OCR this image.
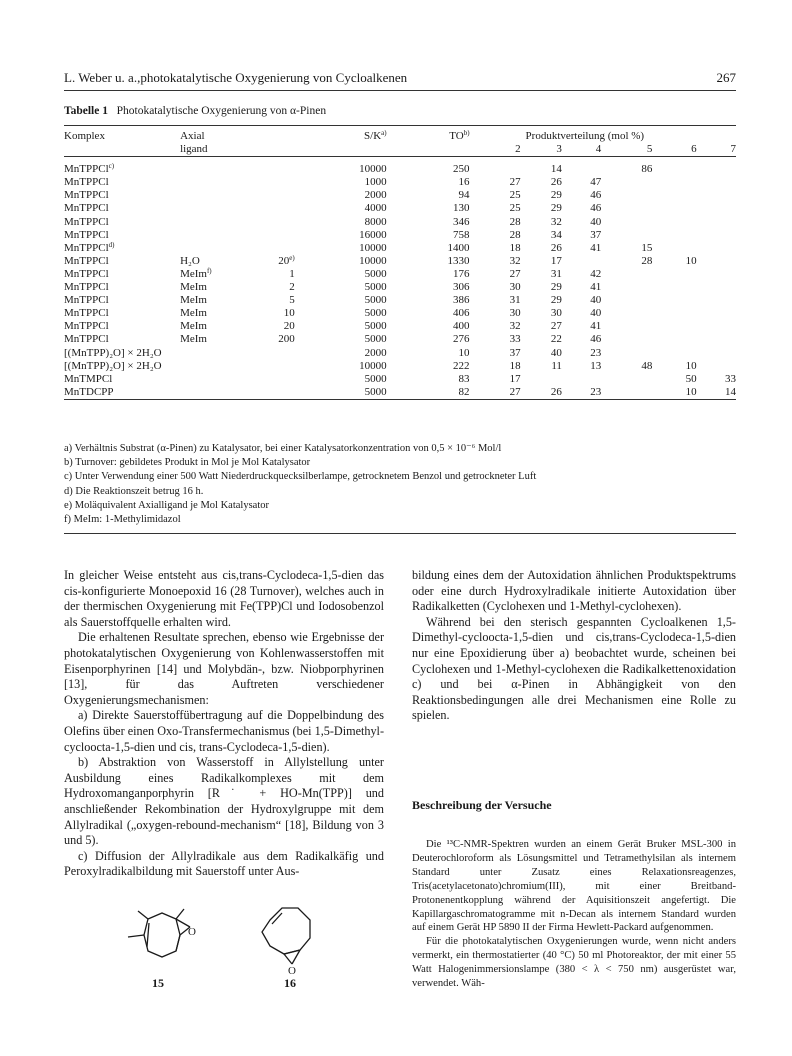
L. Weber u. a.,photokatalytische Oxygenierung von Cycloalkenen	267
Tabelle 1 Photokatalytische Oxygenierung von α-Pinen
Komplex	Axial		$S/K^{a)}$	TO$^{b)}$	Produktverteilung (mol %)					
	ligand				2	3	4	5	6	7

MnTPPCl$^{c)}$			10000	250		14		86		
MnTPPCl			1000	16	27	26	47			
MnTPPCl			2000	94	25	29	46			
MnTPPCl			4000	130	25	29	46			
MnTPPCl			8000	346	28	32	40			
MnTPPCl			16000	758	28	34	37			
MnTPPCl$^{d)}$			10000	1400	18	26	41	15		
MnTPPCl	H₂O	20$^{e)}$	10000	1330	32	17		28	10	
MnTPPCl	MeIm$^{f)}$	1	5000	176	27	31	42			
MnTPPCl	MeIm	2	5000	306	30	29	41			
MnTPPCl	MeIm	5	5000	386	31	29	40			
MnTPPCl	MeIm	10	5000	406	30	30	40			
MnTPPCl	MeIm	20	5000	400	32	27	41			
MnTPPCl	MeIm	200	5000	276	33	22	46			
[(MnTPP)₂O] × 2H₂O			2000	10	37	40	23			
[(MnTPP)₂O] × 2H₂O			10000	222	18	11	13	48	10	
MnTMPCl			5000	83	17				50	33
MnTDCPP			5000	82	27	26	23		10	14

a) Verhältnis Substrat (α-Pinen) zu Katalysator, bei einer Katalysatorkonzentration von 0,5 × 10⁻⁶ Mol/l
b) Turnover: gebildetes Produkt in Mol je Mol Katalysator
c) Unter Verwendung einer 500 Watt Niederdruckquecksilberlampe, getrocknetem Benzol und getrockneter Luft
d) Die Reaktionszeit betrug 16 h.
e) Moläquivalent Axialligand je Mol Katalysator
f) MeIm: 1-Methylimidazol

In gleicher Weise entsteht aus cis,trans-Cyclodeca-1,5-dien das cis-konfigurierte Monoepoxid 16 (28 Turnover), welches auch in der thermischen Oxygenierung mit Fe(TPP)Cl und Iodosobenzol als Sauerstoffquelle erhalten wird.

Die erhaltenen Resultate sprechen, ebenso wie Ergebnisse der photokatalytischen Oxygenierung von Kohlenwasserstoffen mit Eisenporphyrinen [14] und Molybdän-, bzw. Niobporphyrinen [13], für das Auftreten verschiedener Oxygenierungsmechanismen:

a) Direkte Sauerstoffübertragung auf die Doppelbindung des Olefins über einen Oxo-Transfermechanismus (bei 1,5-Dimethyl-cycloocta-1,5-dien und cis, trans-Cyclodeca-1,5-dien).

b) Abstraktion von Wasserstoff in Allylstellung unter Ausbildung eines Radikalkomplexes mit dem Hydroxomanganporphyrin [R˙ + HO-Mn(TPP)] und anschließender Rekombination der Hydroxylgruppe mit dem Allylradikal („oxygen-rebound-mechanism“ [18], Bildung von 3 und 5).

c) Diffusion der Allylradikale aus dem Radikalkäfig und Peroxylradikalbildung mit Sauerstoff unter Aus-

O
15
O
16

bildung eines dem der Autoxidation ähnlichen Produktspektrums oder eine durch Hydroxylradikale initierte Autoxidation über Radikalketten (Cyclohexen und 1-Methyl-cyclohexen).

Während bei den sterisch gespannten Cycloalkenen 1,5-Dimethyl-cycloocta-1,5-dien und cis,trans-Cyclodeca-1,5-dien nur eine Epoxidierung über a) beobachtet wurde, scheinen bei Cyclohexen und 1-Methyl-cyclohexen die Radikalkettenoxidation c) und bei α-Pinen in Abhängigkeit von den Reaktionsbedingungen alle drei Mechanismen eine Rolle zu spielen.

Beschreibung der Versuche

Die ¹³C-NMR-Spektren wurden an einem Gerät Bruker MSL-300 in Deuterochloroform als Lösungsmittel und Tetramethylsilan als internem Standard unter Zusatz eines Relaxationsreagenzes, Tris(acetylacetonato)chromium(III), mit einer Breitband-Protonenentkopplung während der Aquisitionszeit angefertigt. Die Kapillargaschromatogramme mit n-Decan als internem Standard wurden auf einem Gerät HP 5890 II der Firma Hewlett-Packard aufgenommen.

Für die photokatalytischen Oxygenierungen wurde, wenn nicht anders vermerkt, ein thermostatierter (40 °C) 50 ml Photoreaktor, der mit einer 55 Watt Halogenimmersionslampe (380 < λ < 750 nm) ausgerüstet war, verwendet. Wäh-
